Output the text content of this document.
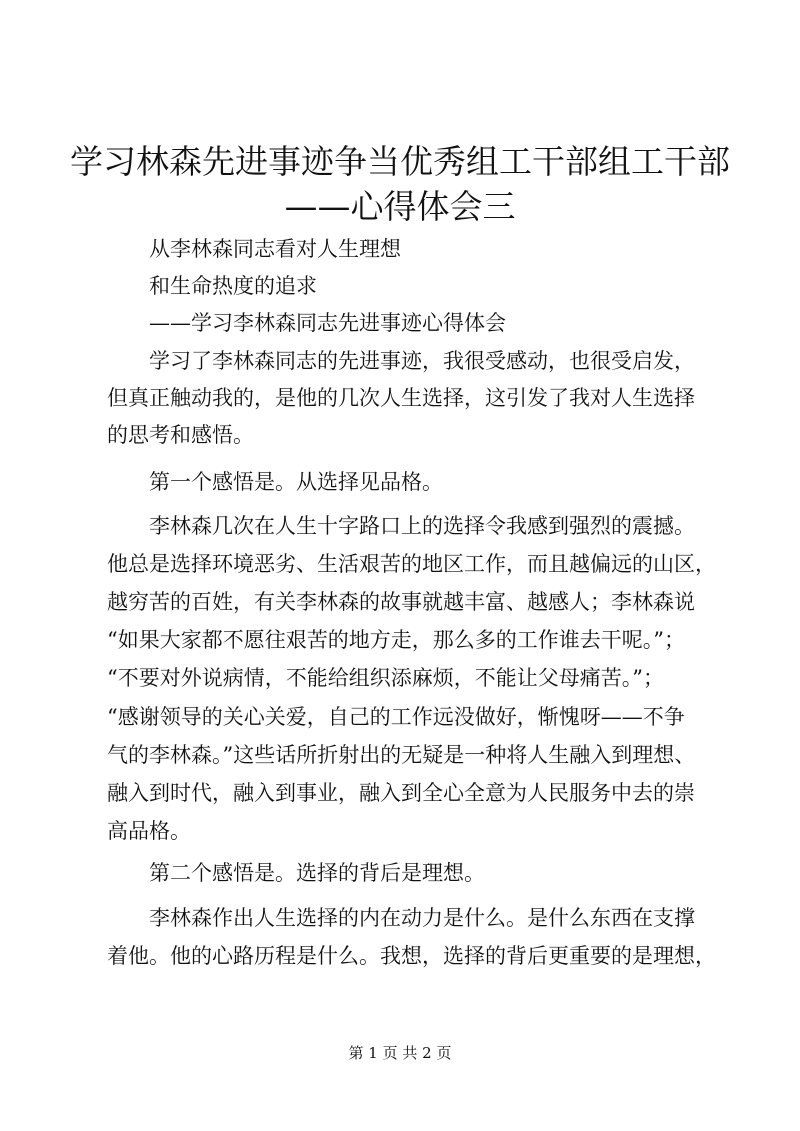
学习林森先进事迹争当优秀组工干部组工干部
——心得体会三

　　从李林森同志看对人生理想

　　和生命热度的追求

　　——学习李林森同志先进事迹心得体会

　　学习了李林森同志的先进事迹，我很受感动，也很受启发，

但真正触动我的，是他的几次人生选择，这引发了我对人生选择

的思考和感悟。

　　第一个感悟是。从选择见品格。

　　李林森几次在人生十字路口上的选择令我感到强烈的震撼。

他总是选择环境恶劣、生活艰苦的地区工作，而且越偏远的山区，

越穷苦的百姓，有关李林森的故事就越丰富、越感人；李林森说

“如果大家都不愿往艰苦的地方走，那么多的工作谁去干呢。”；

“不要对外说病情，不能给组织添麻烦，不能让父母痛苦。”；

“感谢领导的关心关爱，自己的工作远没做好，惭愧呀——不争

气的李林森。”这些话所折射出的无疑是一种将人生融入到理想、

融入到时代，融入到事业，融入到全心全意为人民服务中去的崇

高品格。

　　第二个感悟是。选择的背后是理想。

　　李林森作出人生选择的内在动力是什么。是什么东西在支撑

着他。他的心路历程是什么。我想，选择的背后更重要的是理想，

第 1 页 共 2 页
